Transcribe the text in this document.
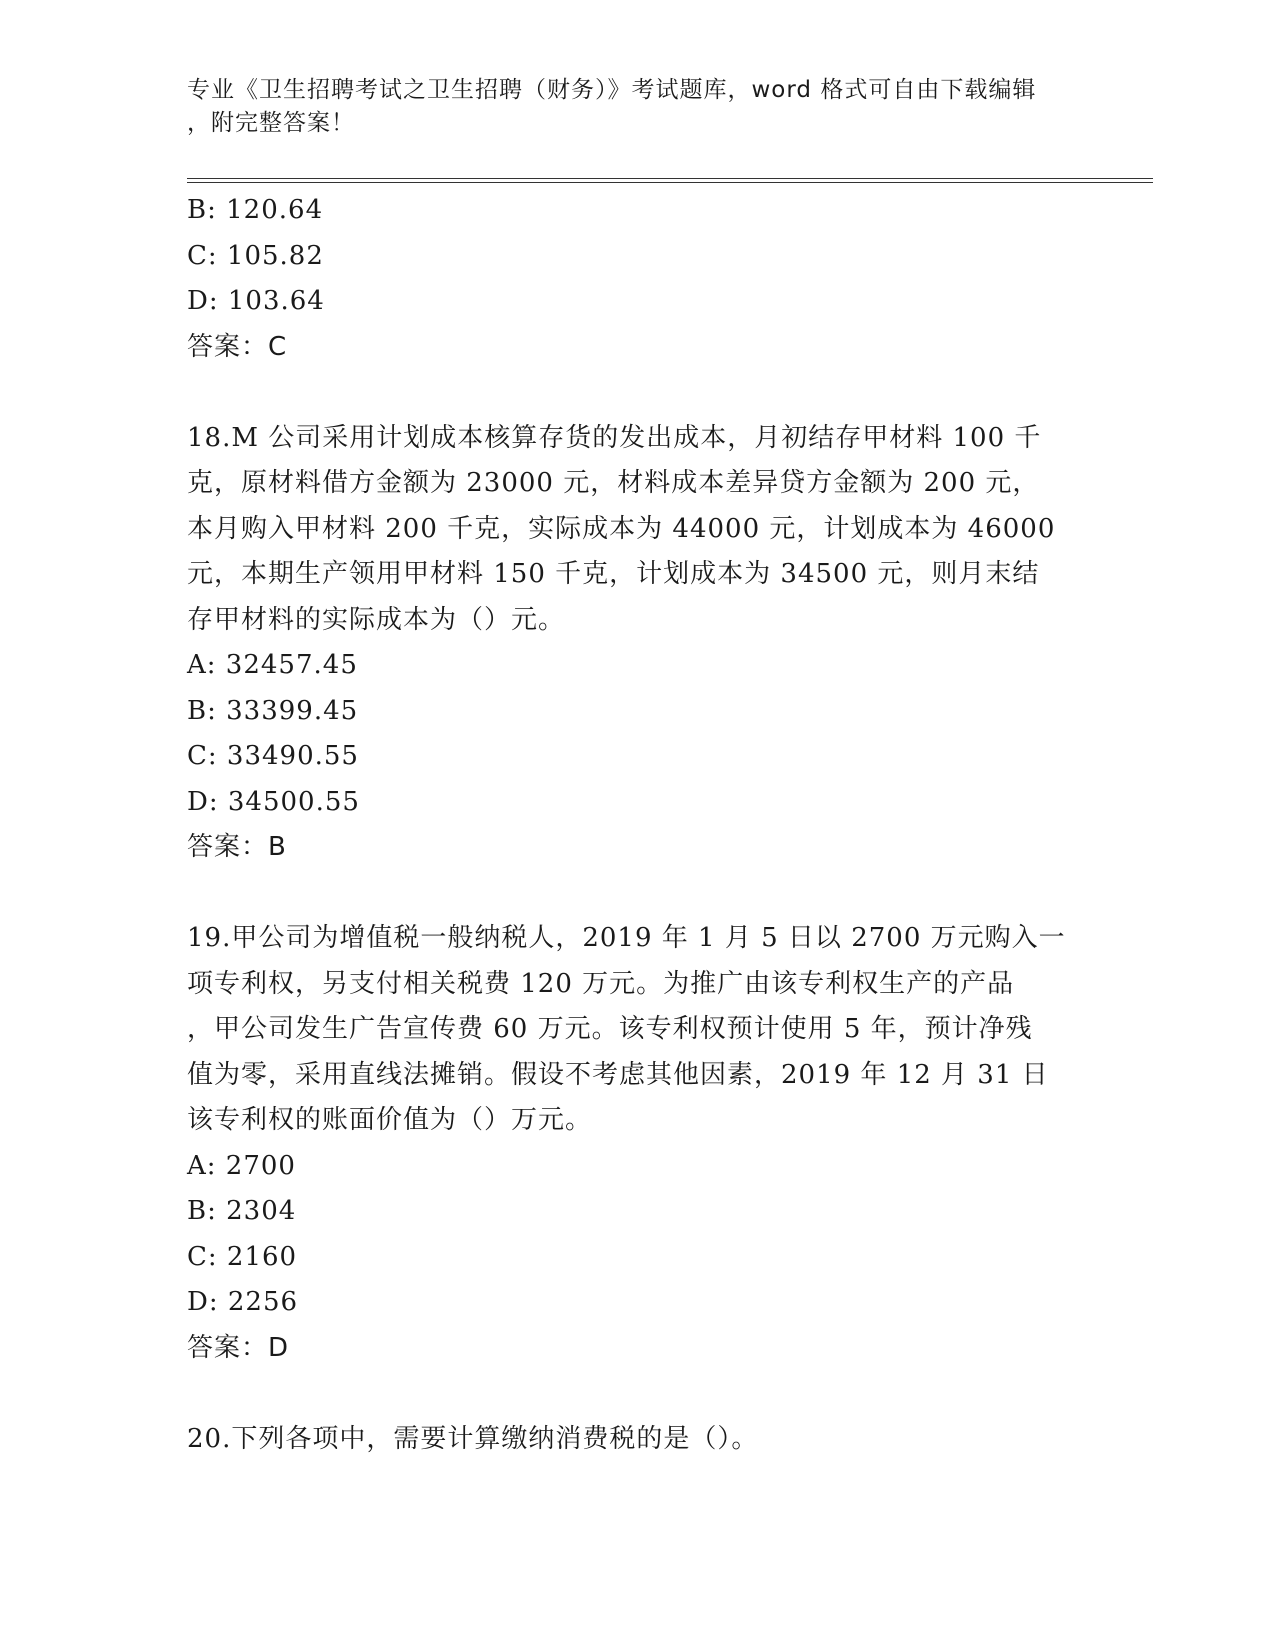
专业《卫生招聘考试之卫生招聘（财务）》考试题库，word 格式可自由下载编辑
，附完整答案！
B: 120.64
C: 105.82
D: 103.64
答案：C
18.M 公司采用计划成本核算存货的发出成本，月初结存甲材料 100 千
克，原材料借方金额为 23000 元，材料成本差异贷方金额为 200 元，
本月购入甲材料 200 千克，实际成本为 44000 元，计划成本为 46000
元，本期生产领用甲材料 150 千克，计划成本为 34500 元，则月末结
存甲材料的实际成本为（）元。
A: 32457.45
B: 33399.45
C: 33490.55
D: 34500.55
答案：B
19.甲公司为增值税一般纳税人，2019 年 1 月 5 日以 2700 万元购入一
项专利权，另支付相关税费 120 万元。为推广由该专利权生产的产品
，甲公司发生广告宣传费 60 万元。该专利权预计使用 5 年，预计净残
值为零，采用直线法摊销。假设不考虑其他因素，2019 年 12 月 31 日
该专利权的账面价值为（）万元。
A: 2700
B: 2304
C: 2160
D: 2256
答案：D
20.下列各项中，需要计算缴纳消费税的是（）。
